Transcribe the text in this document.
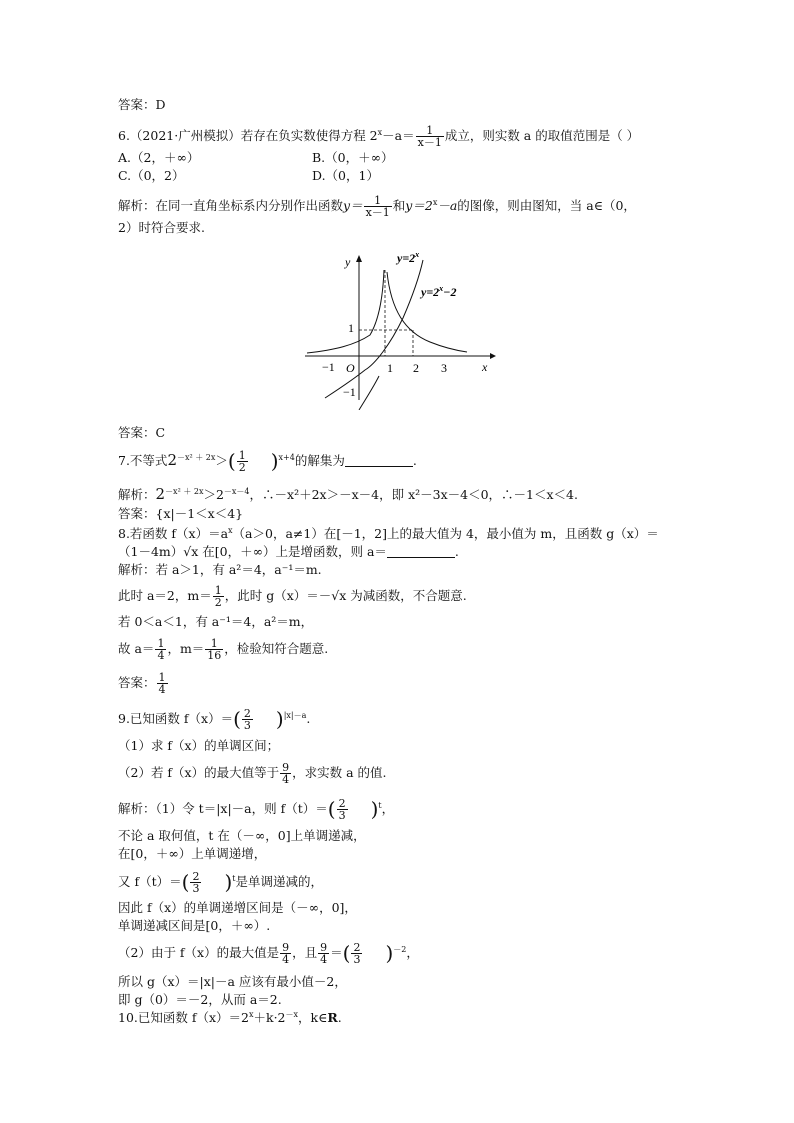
答案：D
6.（2021·广州模拟）若存在负实数使得方程 $2^x-a= \frac{1}{x-1}$ 成立，则实数 a 的取值范围是（ ）
A.（2，＋∞）	B.（0，＋∞）
C.（0，2）	D.（0，1）
解析：在同一直角坐标系内分别作出函数$y= \frac{1}{x-1}$ 和$y=2^x-a$的图像，则由图知，当 a∈（0，
2）时符合要求.
y
x
O
−1	1 2 3
1
−1
$y=2^x$
$y=2^x-2$
答案：C
7.不等式$2^{-x^2 + 2x}>( \frac{1}{2} )^{x+4}$的解集为	.
解析：$2^{-x^2 + 2x}>2^{-x-4}$，∴－x²＋2x＞－x－4，即 x²－3x－4＜0，∴－1＜x＜4.
答案：{x|－1＜x＜4}
8.若函数 $f(x)=a^x(a>0$，a≠1）在[－1，2]上的最大值为 4，最小值为 m，且函数 g（x）＝
（1－4m）√x 在[0，＋∞）上是增函数，则 a＝	.
解析：若 a＞1，有 a²＝4，a⁻¹＝m.
此时 a＝2，$m= \frac{1}{2}$ ，此时 g（x）＝－√x 为减函数，不合题意.
若 0＜a＜1，有 a⁻¹＝4，a²＝m，
故 $a= \frac{1}{4}$ ，$m= \frac{1}{16}$ ，检验知符合题意.
答案： $\frac{1}{4}$
9.已知函数 $f(x)=( \frac{2}{3} )^{|x|-a}$.
（1）求 f（x）的单调区间；
（2）若 f（x）的最大值等于 $\frac{9}{4}$ ，求实数 a 的值.
解析：（1）令 t＝|x|－a，则 $f(t)=( \frac{2}{3} )^t$，
不论 a 取何值，t 在（－∞，0]上单调递减，
在[0，＋∞）上单调递增，
又 $f(t)=( \frac{2}{3} )^t$是单调递减的，
因此 f（x）的单调递增区间是（－∞，0]，
单调递减区间是[0，＋∞）.
（2）由于 f（x）的最大值是 $\frac{9}{4}$ ，且 $\frac{9}{4}$ ＝( $\frac{2}{3} )^{-2}$，
所以 g（x）＝|x|－a 应该有最小值－2，
即 g（0）＝－2，从而 a＝2.
10.已知函数 $f(x)=2^x+k\cdot 2^{-x}$，k∈R.
